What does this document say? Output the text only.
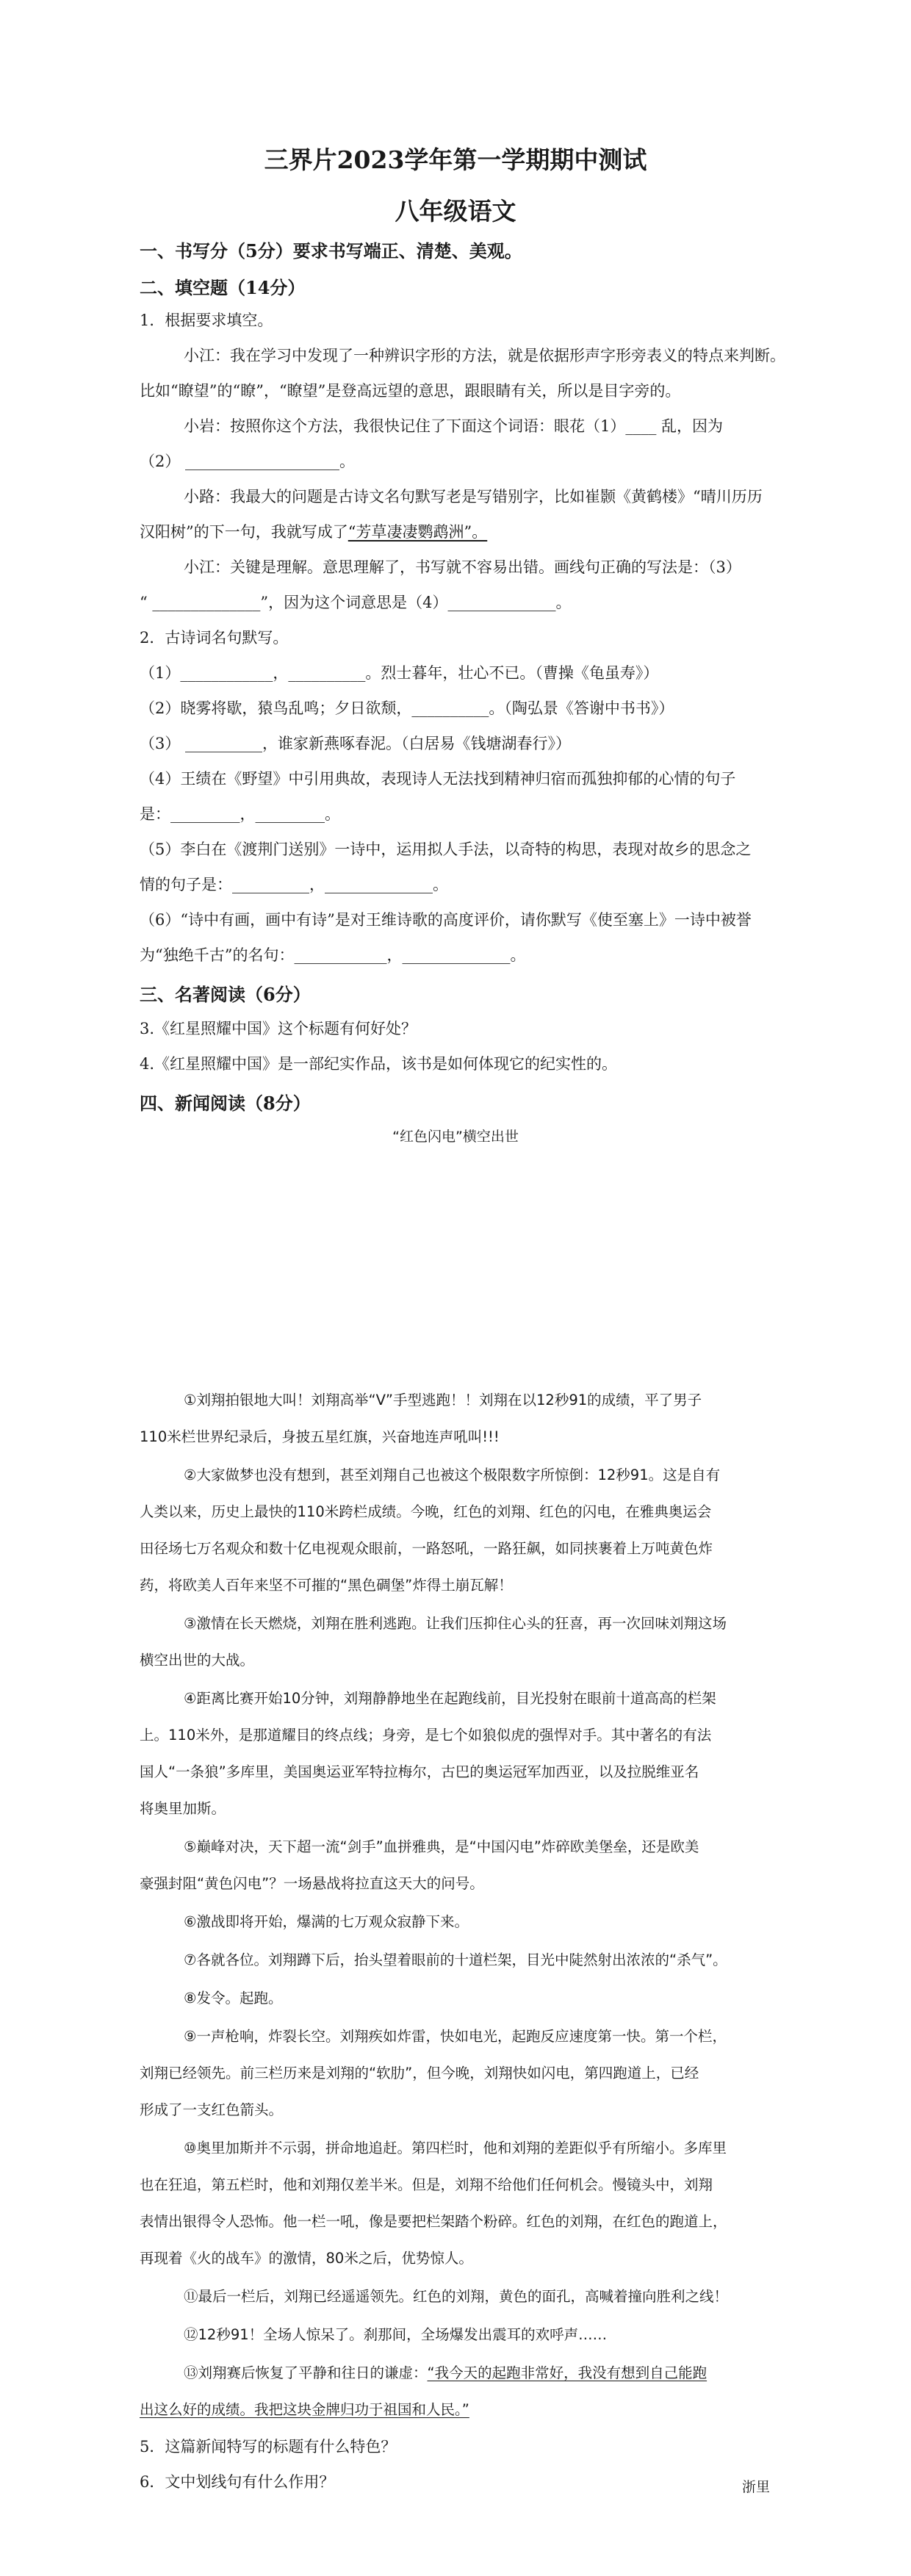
三界片2023学年第一学期期中测试
八年级语文
一、书写分（5分）要求书写端正、清楚、美观。
二、填空题（14分）
1．根据要求填空。
小江：我在学习中发现了一种辨识字形的方法，就是依据形声字形旁表义的特点来判断。
比如“瞭望”的“瞭”，“瞭望”是登高远望的意思，跟眼睛有关，所以是目字旁的。
小岩：按照你这个方法，我很快记住了下面这个词语：眼花（1）____ 乱，因为
（2） ____________________。
小路：我最大的问题是古诗文名句默写老是写错别字，比如崔颢《黄鹤楼》“晴川历历
汉阳树”的下一句，我就写成了“芳草凄凄鹦鹉洲”。
小江：关键是理解。意思理解了，书写就不容易出错。画线句正确的写法是：（3）
“ ______________”，因为这个词意思是（4）______________。
2．古诗词名句默写。
（1）____________，__________。烈士暮年，壮心不已。（曹操《龟虽寿》）
（2）晓雾将歇，猿鸟乱鸣；夕日欲颓，__________。（陶弘景《答谢中书书》）
（3） __________，谁家新燕啄春泥。（白居易《钱塘湖春行》）
（4）王绩在《野望》中引用典故，表现诗人无法找到精神归宿而孤独抑郁的心情的句子
是：_________，_________。
（5）李白在《渡荆门送别》一诗中，运用拟人手法，以奇特的构思，表现对故乡的思念之
情的句子是：__________，______________。
（6）“诗中有画，画中有诗”是对王维诗歌的高度评价，请你默写《使至塞上》一诗中被誉
为“独绝千古”的名句：____________，______________。
三、名著阅读（6分）
3.《红星照耀中国》这个标题有何好处？
4.《红星照耀中国》是一部纪实作品，该书是如何体现它的纪实性的。
四、新闻阅读（8分）
“红色闪电”横空出世
①刘翔拍银地大叫！刘翔高举“V”手型逃跑！！刘翔在以12秒91的成绩，平了男子
110米栏世界纪录后，身披五星红旗，兴奋地连声吼叫!!!
②大家做梦也没有想到，甚至刘翔自己也被这个极限数字所惊倒：12秒91。这是自有
人类以来，历史上最快的110米跨栏成绩。今晚，红色的刘翔、红色的闪电，在雅典奥运会
田径场七万名观众和数十亿电视观众眼前，一路怒吼，一路狂飙，如同挟裹着上万吨黄色炸
药，将欧美人百年来坚不可摧的“黑色碉堡”炸得土崩瓦解！
③激情在长天燃烧，刘翔在胜利逃跑。让我们压抑住心头的狂喜，再一次回味刘翔这场
横空出世的大战。
④距离比赛开始10分钟，刘翔静静地坐在起跑线前，目光投射在眼前十道高高的栏架
上。110米外，是那道耀目的终点线；身旁，是七个如狼似虎的强悍对手。其中著名的有法
国人“一条狼”多库里，美国奥运亚军特拉梅尔，古巴的奥运冠军加西亚，以及拉脱维亚名
将奥里加斯。
⑤巅峰对决，天下超一流“剑手”血拼雅典，是“中国闪电”炸碎欧美堡垒，还是欧美
豪强封阻“黄色闪电”？一场悬战将拉直这天大的问号。
⑥激战即将开始，爆满的七万观众寂静下来。
⑦各就各位。刘翔蹲下后，抬头望着眼前的十道栏架，目光中陡然射出浓浓的“杀气”。
⑧发令。起跑。
⑨一声枪响，炸裂长空。刘翔疾如炸雷，快如电光，起跑反应速度第一快。第一个栏，
刘翔已经领先。前三栏历来是刘翔的“软肋”，但今晚，刘翔快如闪电，第四跑道上，已经
形成了一支红色箭头。
⑩奥里加斯并不示弱，拼命地追赶。第四栏时，他和刘翔的差距似乎有所缩小。多库里
也在狂追，第五栏时，他和刘翔仅差半米。但是，刘翔不给他们任何机会。慢镜头中，刘翔
表情出银得令人恐怖。他一栏一吼，像是要把栏架踏个粉碎。红色的刘翔，在红色的跑道上，
再现着《火的战车》的激情，80米之后，优势惊人。
⑪最后一栏后，刘翔已经遥遥领先。红色的刘翔，黄色的面孔，高喊着撞向胜利之线！
⑫12秒91！全场人惊呆了。刹那间，全场爆发出震耳的欢呼声……
⑬刘翔赛后恢复了平静和往日的谦虚：“我今天的起跑非常好，我没有想到自己能跑
出这么好的成绩。我把这块金牌归功于祖国和人民。”
5．这篇新闻特写的标题有什么特色？
6．文中划线句有什么作用？	浙里
